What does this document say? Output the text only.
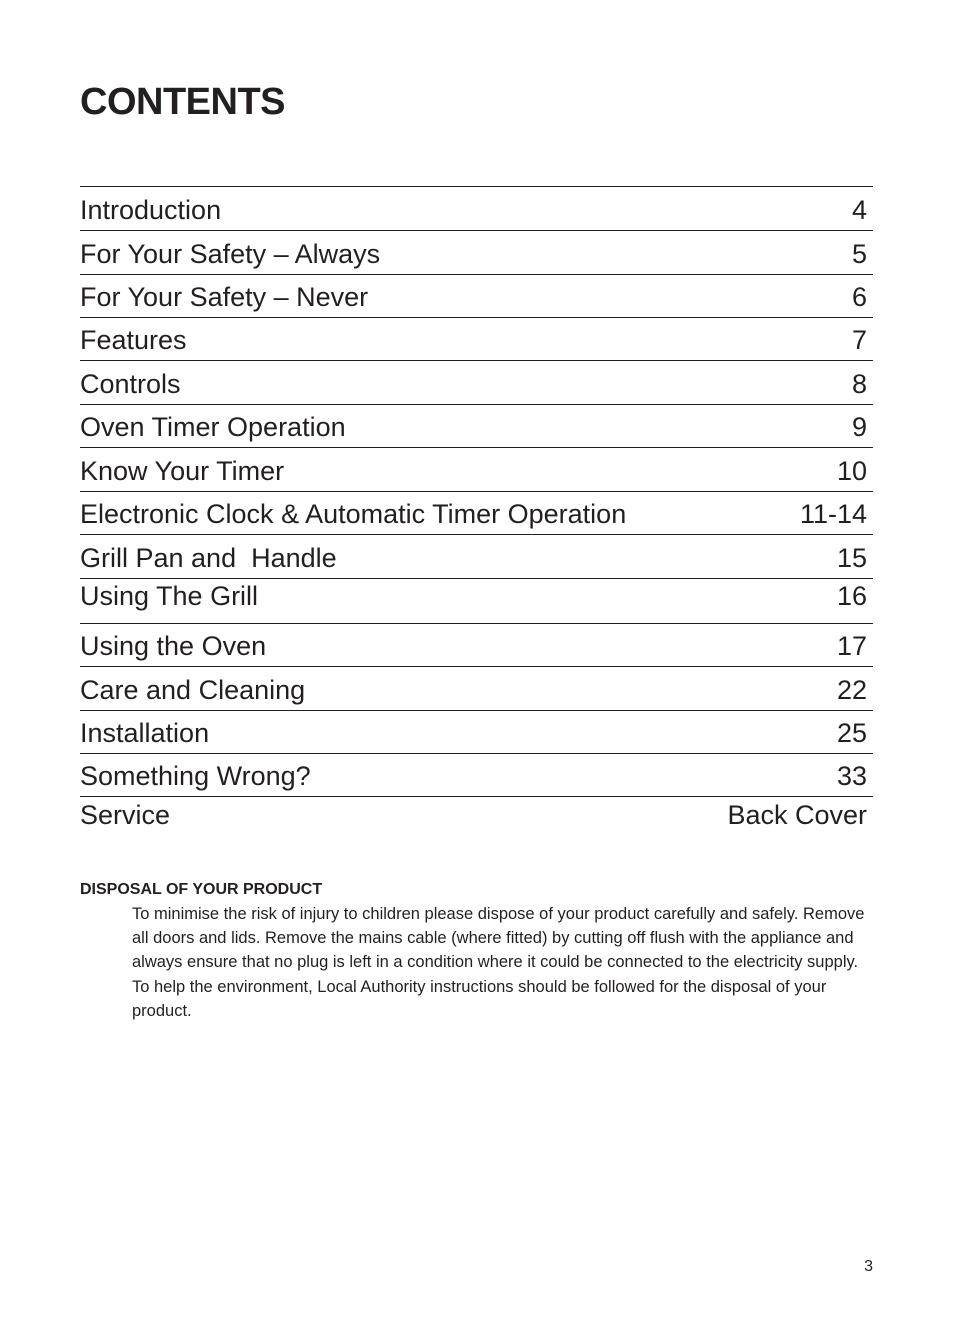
CONTENTS
Introduction	4
For Your Safety – Always	5
For Your Safety – Never	6
Features	7
Controls	8
Oven Timer Operation	9
Know Your Timer	10
Electronic Clock & Automatic Timer Operation	11-14
Grill Pan and  Handle	15
Using The Grill	16
Using the Oven	17
Care and Cleaning	22
Installation	25
Something Wrong?	33
Service	Back Cover
DISPOSAL OF YOUR PRODUCT

To minimise the risk of injury to children please dispose of your product carefully and safely. Remove all doors and lids. Remove the mains cable (where fitted) by cutting off flush with the appliance and always ensure that no plug is left in a condition where it could be connected to the electricity supply.

To help the environment, Local Authority instructions should be followed for the disposal of your product.

3
